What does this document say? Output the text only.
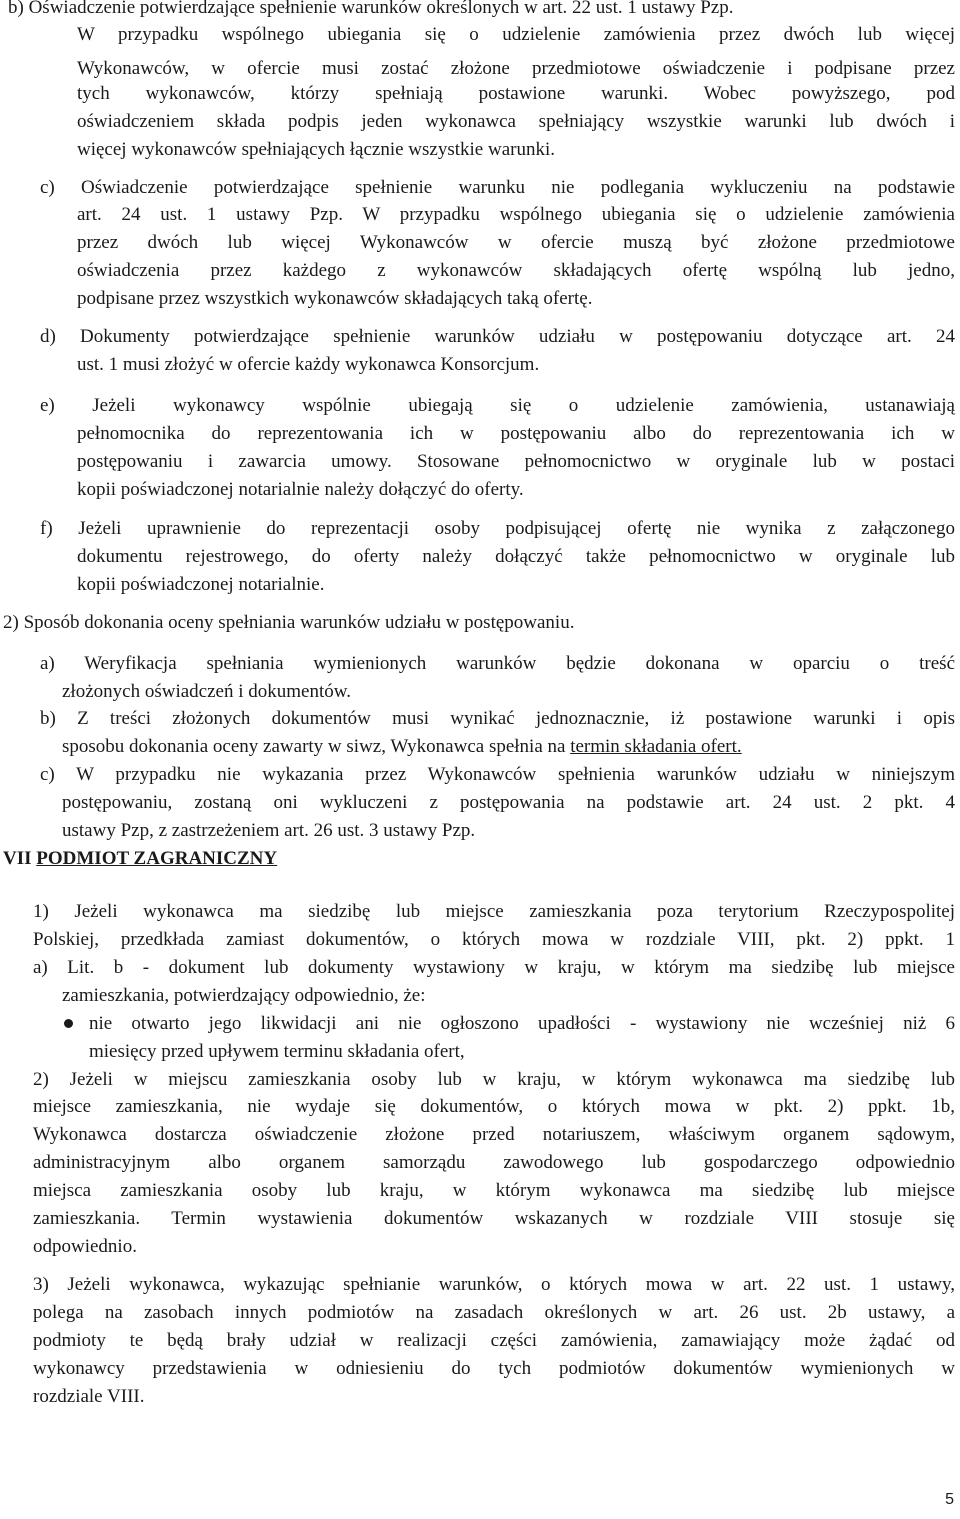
b) Oświadczenie potwierdzające spełnienie warunków określonych w art. 22 ust. 1 ustawy Pzp.
W przypadku wspólnego ubiegania się o udzielenie zamówienia przez dwóch lub więcej
Wykonawców, w ofercie musi zostać złożone przedmiotowe oświadczenie i podpisane przez
tych wykonawców, którzy spełniają postawione warunki. Wobec powyższego, pod
oświadczeniem składa podpis jeden wykonawca spełniający wszystkie warunki lub dwóch i
więcej wykonawców spełniających łącznie wszystkie warunki.
c) Oświadczenie potwierdzające spełnienie warunku nie podlegania wykluczeniu na podstawie
art. 24 ust. 1 ustawy Pzp. W przypadku wspólnego ubiegania się o udzielenie zamówienia
przez dwóch lub więcej Wykonawców w ofercie muszą być złożone przedmiotowe
oświadczenia przez każdego z wykonawców składających ofertę wspólną lub jedno,
podpisane przez wszystkich wykonawców składających taką ofertę.
d) Dokumenty potwierdzające spełnienie warunków udziału w postępowaniu dotyczące art. 24
ust. 1 musi złożyć w ofercie każdy wykonawca Konsorcjum.
e) Jeżeli wykonawcy wspólnie ubiegają się o udzielenie zamówienia, ustanawiają
pełnomocnika do reprezentowania ich w postępowaniu albo do reprezentowania ich w
postępowaniu i zawarcia umowy. Stosowane pełnomocnictwo w oryginale lub w postaci
kopii poświadczonej notarialnie należy dołączyć do oferty.
f) Jeżeli uprawnienie do reprezentacji osoby podpisującej ofertę nie wynika z załączonego
dokumentu rejestrowego, do oferty należy dołączyć także pełnomocnictwo w oryginale lub
kopii poświadczonej notarialnie.
2) Sposób dokonania oceny spełniania warunków udziału w postępowaniu.
a) Weryfikacja spełniania wymienionych warunków będzie dokonana w oparciu o treść
złożonych oświadczeń i dokumentów.
b) Z treści złożonych dokumentów musi wynikać jednoznacznie, iż postawione warunki i opis
sposobu dokonania oceny zawarty w siwz, Wykonawca spełnia na termin składania ofert.
c) W przypadku nie wykazania przez Wykonawców spełnienia warunków udziału w niniejszym
postępowaniu, zostaną oni wykluczeni z postępowania na podstawie art. 24 ust. 2 pkt. 4
ustawy Pzp, z zastrzeżeniem art. 26 ust. 3 ustawy Pzp.
VII PODMIOT ZAGRANICZNY
1) Jeżeli wykonawca ma siedzibę lub miejsce zamieszkania poza terytorium Rzeczypospolitej
Polskiej, przedkłada zamiast dokumentów, o których mowa w rozdziale VIII, pkt. 2) ppkt. 1
a) Lit. b - dokument lub dokumenty wystawiony w kraju, w którym ma siedzibę lub miejsce
zamieszkania, potwierdzający odpowiednio, że:
nie otwarto jego likwidacji ani nie ogłoszono upadłości - wystawiony nie wcześniej niż 6
miesięcy przed upływem terminu składania ofert,
2) Jeżeli w miejscu zamieszkania osoby lub w kraju, w którym wykonawca ma siedzibę lub
miejsce zamieszkania, nie wydaje się dokumentów, o których mowa w pkt. 2) ppkt. 1b,
Wykonawca dostarcza oświadczenie złożone przed notariuszem, właściwym organem sądowym,
administracyjnym albo organem samorządu zawodowego lub gospodarczego odpowiednio
miejsca zamieszkania osoby lub kraju, w którym wykonawca ma siedzibę lub miejsce
zamieszkania. Termin wystawienia dokumentów wskazanych w rozdziale VIII stosuje się
odpowiednio.
3) Jeżeli wykonawca, wykazując spełnianie warunków, o których mowa w art. 22 ust. 1 ustawy,
polega na zasobach innych podmiotów na zasadach określonych w art. 26 ust. 2b ustawy, a
podmioty te będą brały udział w realizacji części zamówienia, zamawiający może żądać od
wykonawcy przedstawienia w odniesieniu do tych podmiotów dokumentów wymienionych w
rozdziale VIII.
5
